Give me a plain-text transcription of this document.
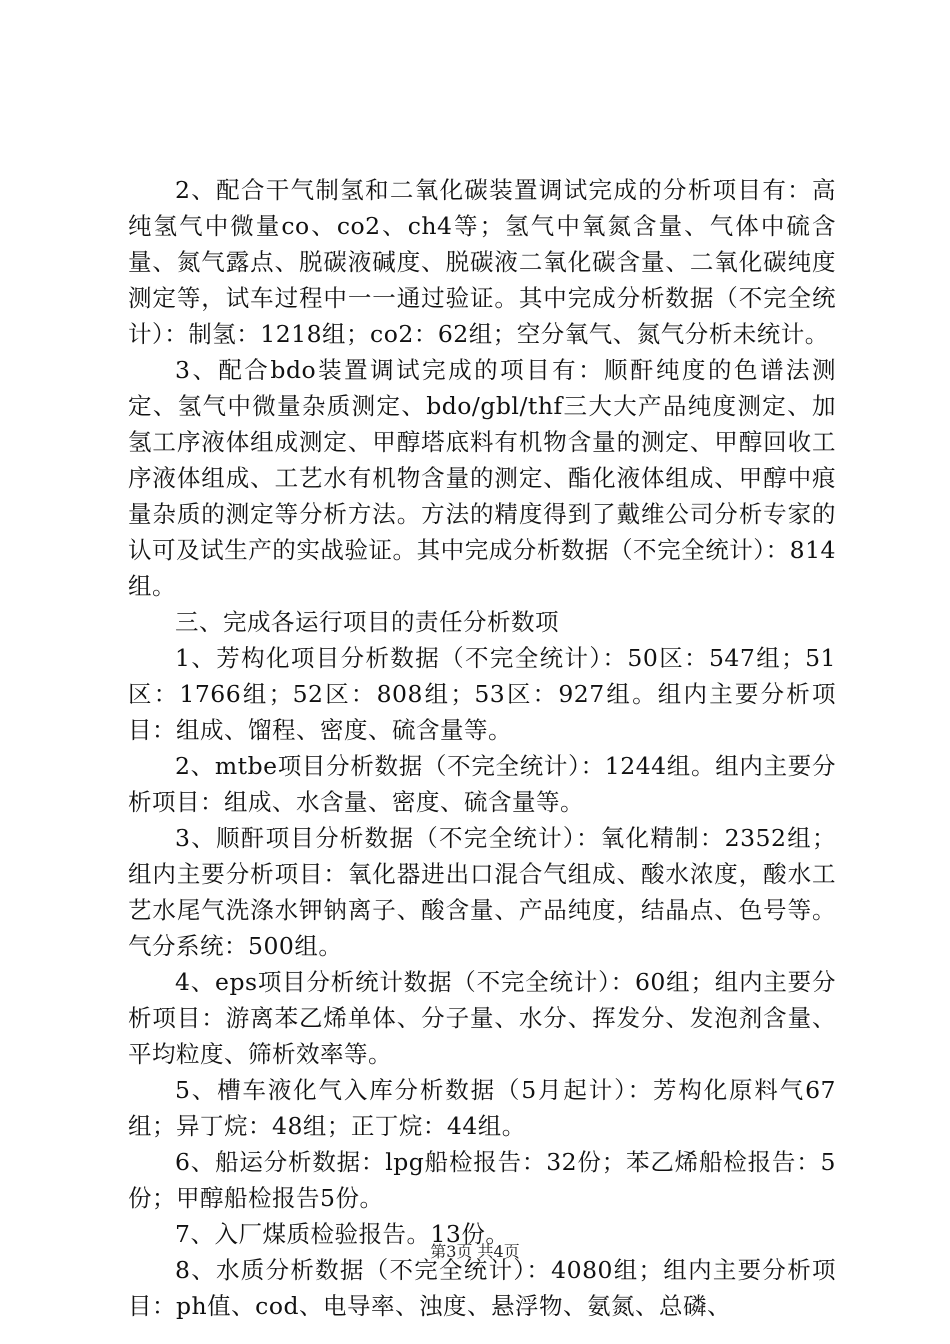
2、配合干气制氢和二氧化碳装置调试完成的分析项目有：高纯氢气中微量co、co2、ch4等；氢气中氧氮含量、气体中硫含量、氮气露点、脱碳液碱度、脱碳液二氧化碳含量、二氧化碳纯度测定等，试车过程中一一通过验证。其中完成分析数据（不完全统计）：制氢：1218组；co2：62组；空分氧气、氮气分析未统计。

3、配合bdo装置调试完成的项目有：顺酐纯度的色谱法测定、氢气中微量杂质测定、bdo/gbl/thf三大大产品纯度测定、加氢工序液体组成测定、甲醇塔底料有机物含量的测定、甲醇回收工序液体组成、工艺水有机物含量的测定、酯化液体组成、甲醇中痕量杂质的测定等分析方法。方法的精度得到了戴维公司分析专家的认可及试生产的实战验证。其中完成分析数据（不完全统计）：814组。

三、完成各运行项目的责任分析数项

1、芳构化项目分析数据（不完全统计）：50区：547组；51区：1766组；52区：808组；53区：927组。组内主要分析项目：组成、馏程、密度、硫含量等。

2、mtbe项目分析数据（不完全统计）：1244组。组内主要分析项目：组成、水含量、密度、硫含量等。

3、顺酐项目分析数据（不完全统计）：氧化精制：2352组；组内主要分析项目：氧化器进出口混合气组成、酸水浓度，酸水工艺水尾气洗涤水钾钠离子、酸含量、产品纯度，结晶点、色号等。气分系统：500组。

4、eps项目分析统计数据（不完全统计）：60组；组内主要分析项目：游离苯乙烯单体、分子量、水分、挥发分、发泡剂含量、平均粒度、筛析效率等。

5、槽车液化气入库分析数据（5月起计）：芳构化原料气67组；异丁烷：48组；正丁烷：44组。

6、船运分析数据：lpg船检报告：32份；苯乙烯船检报告：5份；甲醇船检报告5份。

7、入厂煤质检验报告。13份。

8、水质分析数据（不完全统计）：4080组；组内主要分析项目：ph值、cod、电导率、浊度、悬浮物、氨氮、总磷、

第3页 共4页
